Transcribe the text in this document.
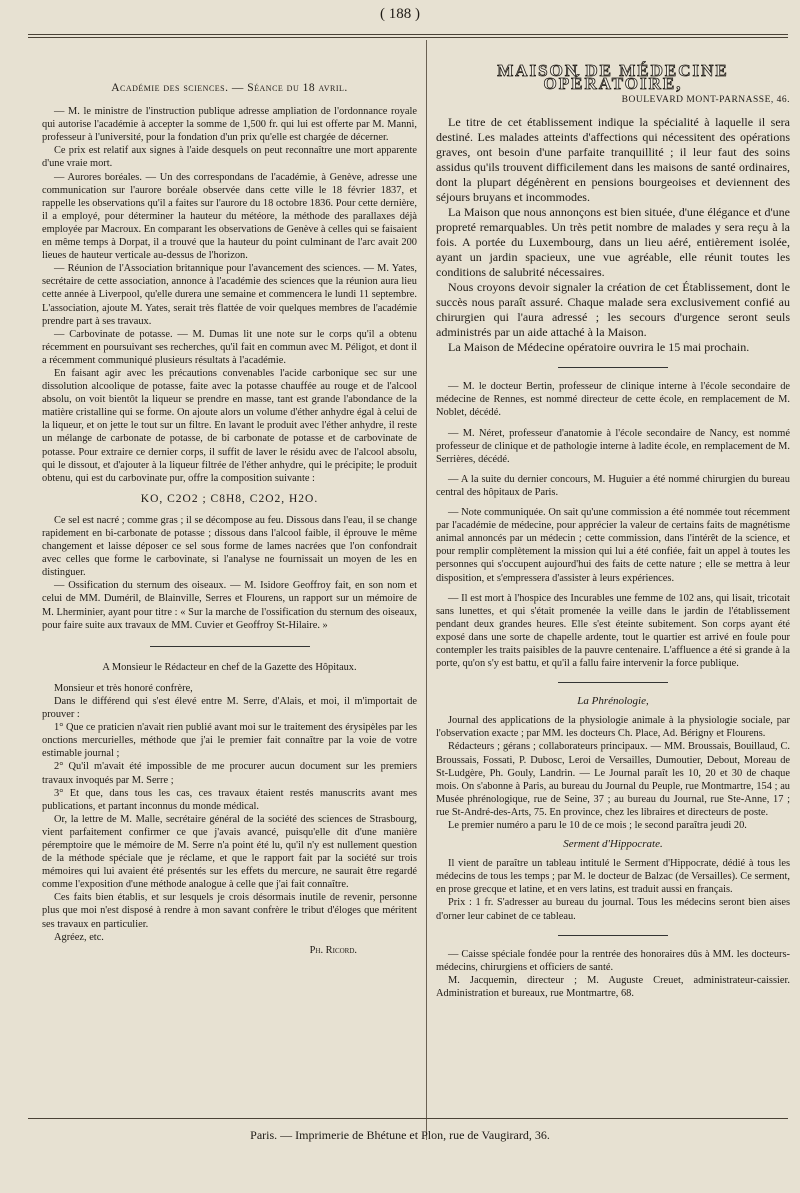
( 188 )

Académie des sciences. — Séance du 18 avril.

— M. le ministre de l'instruction publique adresse ampliation de l'ordonnance royale qui autorise l'académie à accepter la somme de 1,500 fr. qui lui est offerte par M. Manni, professeur à l'université, pour la fondation d'un prix qu'elle est chargée de décerner.

Ce prix est relatif aux signes à l'aide desquels on peut reconnaître une mort apparente d'une vraie mort.

— Aurores boréales. — Un des correspondans de l'académie, à Genève, adresse une communication sur l'aurore boréale observée dans cette ville le 18 février 1837, et rappelle les observations qu'il a faites sur l'aurore du 18 octobre 1836. Pour cette dernière, il a employé, pour déterminer la hauteur du météore, la méthode des parallaxes déjà employée par Macroux. En comparant les observations de Genève à celles qui se faisaient en même temps à Dorpat, il a trouvé que la hauteur du point culminant de l'arc avait 200 lieues de hauteur verticale au-dessus de l'horizon.

— Réunion de l'Association britannique pour l'avancement des sciences. — M. Yates, secrétaire de cette association, annonce à l'académie des sciences que la réunion aura lieu cette année à Liverpool, qu'elle durera une semaine et commencera le lundi 11 septembre. L'association, ajoute M. Yates, serait très flattée de voir quelques membres de l'académie prendre part à ses travaux.

— Carbovinate de potasse. — M. Dumas lit une note sur le corps qu'il a obtenu récemment en poursuivant ses recherches, qu'il fait en commun avec M. Péligot, et dont il a récemment communiqué plusieurs résultats à l'académie.

En faisant agir avec les précautions convenables l'acide carbonique sec sur une dissolution alcoolique de potasse, faite avec la potasse chauffée au rouge et de l'alcool absolu, on voit bientôt la liqueur se prendre en masse, tant est grande l'abondance de la matière cristalline qui se forme. On ajoute alors un volume d'éther anhydre égal à celui de la liqueur, et on jette le tout sur un filtre. En lavant le produit avec l'éther anhydre, il reste un mélange de carbonate de potasse, de bi carbonate de potasse et de carbovinate de potasse. Pour extraire ce dernier corps, il suffit de laver le résidu avec de l'alcool absolu, qui le dissout, et d'ajouter à la liqueur filtrée de l'éther anhydre, qui le précipite; le produit obtenu, qui est du carbovinate pur, offre la composition suivante :

KO, C2O2 ; C8H8, C2O2, H2O.

Ce sel est nacré ; comme gras ; il se décompose au feu. Dissous dans l'eau, il se change rapidement en bi-carbonate de potasse ; dissous dans l'alcool faible, il éprouve le même changement et laisse déposer ce sel sous forme de lames nacrées que l'on confondrait avec celles que forme le carbovinate, si l'analyse ne fournissait un moyen de les en distinguer.

— Ossification du sternum des oiseaux. — M. Isidore Geoffroy fait, en son nom et celui de MM. Duméril, de Blainville, Serres et Flourens, un rapport sur un mémoire de M. Lherminier, ayant pour titre : « Sur la marche de l'ossification du sternum des oiseaux, pour faire suite aux travaux de MM. Cuvier et Geoffroy St-Hilaire. »

A Monsieur le Rédacteur en chef de la Gazette des Hôpitaux.

Monsieur et très honoré confrère,

Dans le différend qui s'est élevé entre M. Serre, d'Alais, et moi, il m'importait de prouver :

1° Que ce praticien n'avait rien publié avant moi sur le traitement des érysipèles par les onctions mercurielles, méthode que j'ai le premier fait connaître par la voie de votre estimable journal ;

2° Qu'il m'avait été impossible de me procurer aucun document sur les premiers travaux invoqués par M. Serre ;

3° Et que, dans tous les cas, ces travaux étaient restés manuscrits avant mes publications, et partant inconnus du monde médical.

Or, la lettre de M. Malle, secrétaire général de la société des sciences de Strasbourg, vient parfaitement confirmer ce que j'avais avancé, puisqu'elle dit d'une manière péremptoire que le mémoire de M. Serre n'a point été lu, qu'il n'y est nullement question de la méthode spéciale que je réclame, et que le rapport fait par la société sur trois mémoires qui lui avaient été présentés sur les effets du mercure, ne saurait être regardé comme l'exposition d'une méthode analogue à celle que j'ai fait connaître.

Ces faits bien établis, et sur lesquels je crois désormais inutile de revenir, personne plus que moi n'est disposé à rendre à mon savant confrère le tribut d'éloges que méritent ses travaux en particulier.

Agréez, etc.

Ph. Ricord.

MAISON DE MÉDECINE OPÉRATOIRE,

BOULEVARD MONT-PARNASSE, 46.

Le titre de cet établissement indique la spécialité à laquelle il sera destiné. Les malades atteints d'affections qui nécessitent des opérations graves, ont besoin d'une parfaite tranquillité ; il leur faut des soins assidus qu'ils trouvent difficilement dans les maisons de santé ordinaires, dont la plupart dégénèrent en pensions bourgeoises et deviennent des séjours bruyans et incommodes.

La Maison que nous annonçons est bien située, d'une élégance et d'une propreté remarquables. Un très petit nombre de malades y sera reçu à la fois. A portée du Luxembourg, dans un lieu aéré, entièrement isolée, ayant un jardin spacieux, une vue agréable, elle réunit toutes les conditions de salubrité nécessaires.

Nous croyons devoir signaler la création de cet Établissement, dont le succès nous paraît assuré. Chaque malade sera exclusivement confié au chirurgien qui l'aura adressé ; les secours d'urgence seront seuls administrés par un aide attaché à la Maison.

La Maison de Médecine opératoire ouvrira le 15 mai prochain.

— M. le docteur Bertin, professeur de clinique interne à l'école secondaire de médecine de Rennes, est nommé directeur de cette école, en remplacement de M. Noblet, décédé.

— M. Néret, professeur d'anatomie à l'école secondaire de Nancy, est nommé professeur de clinique et de pathologie interne à ladite école, en remplacement de M. Serrières, décédé.

— A la suite du dernier concours, M. Huguier a été nommé chirurgien du bureau central des hôpitaux de Paris.

— Note communiquée. On sait qu'une commission a été nommée tout récemment par l'académie de médecine, pour apprécier la valeur de certains faits de magnétisme animal annoncés par un médecin ; cette commission, dans l'intérêt de la science, et pour remplir complètement la mission qui lui a été confiée, fait un appel à toutes les personnes qui s'occupent aujourd'hui des faits de cette nature ; elle se mettra à leur disposition, et s'empressera d'assister à leurs expériences.

— Il est mort à l'hospice des Incurables une femme de 102 ans, qui lisait, tricotait sans lunettes, et qui s'était promenée la veille dans le jardin de l'établissement pendant deux grandes heures. Elle s'est éteinte subitement. Son corps ayant été exposé dans une sorte de chapelle ardente, tout le quartier est arrivé en foule pour contempler les traits paisibles de la pauvre centenaire. L'affluence a été si grande à la porte, qu'on s'y est battu, et qu'il a fallu faire intervenir la force publique.

La Phrénologie,

Journal des applications de la physiologie animale à la physiologie sociale, par l'observation exacte ; par MM. les docteurs Ch. Place, Ad. Bérigny et Flourens.

Rédacteurs ; gérans ; collaborateurs principaux. — MM. Broussais, Bouillaud, C. Broussais, Fossati, P. Dubosc, Leroi de Versailles, Dumoutier, Debout, Moreau de St-Ludgère, Ph. Gouly, Landrin. — Le Journal paraît les 10, 20 et 30 de chaque mois. On s'abonne à Paris, au bureau du Journal du Peuple, rue Montmartre, 154 ; au Musée phrénologique, rue de Seine, 37 ; au bureau du Journal, rue Ste-Anne, 17 ; rue St-André-des-Arts, 75. En province, chez les libraires et directeurs de poste.

Le premier numéro a paru le 10 de ce mois ; le second paraîtra jeudi 20.

Serment d'Hippocrate.

Il vient de paraître un tableau intitulé le Serment d'Hippocrate, dédié à tous les médecins de tous les temps ; par M. le docteur de Balzac (de Versailles). Ce serment, en prose grecque et latine, et en vers latins, est traduit aussi en français.

Prix : 1 fr. S'adresser au bureau du journal. Tous les médecins seront bien aises d'orner leur cabinet de ce tableau.

— Caisse spéciale fondée pour la rentrée des honoraires dûs à MM. les docteurs-médecins, chirurgiens et officiers de santé.

M. Jacquemin, directeur ; M. Auguste Creuet, administrateur-caissier. Administration et bureaux, rue Montmartre, 68.

Paris. — Imprimerie de Bhétune et Plon, rue de Vaugirard, 36.
